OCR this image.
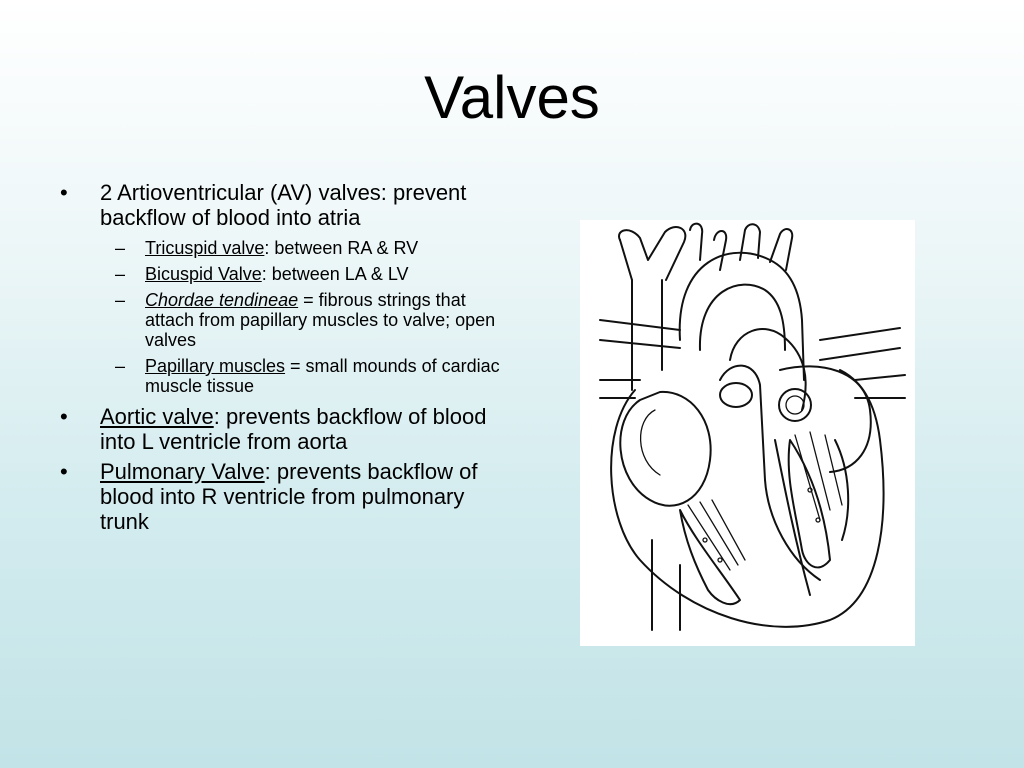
Valves
• 2 Artioventricular (AV) valves: prevent backflow of blood into atria
– Tricuspid valve: between RA & RV
– Bicuspid Valve: between LA & LV
– Chordae tendineae = fibrous strings that attach from papillary muscles to valve; open valves
– Papillary muscles = small mounds of cardiac muscle tissue
• Aortic valve: prevents backflow of blood into L ventricle from aorta
• Pulmonary Valve: prevents backflow of blood into R ventricle from pulmonary trunk
